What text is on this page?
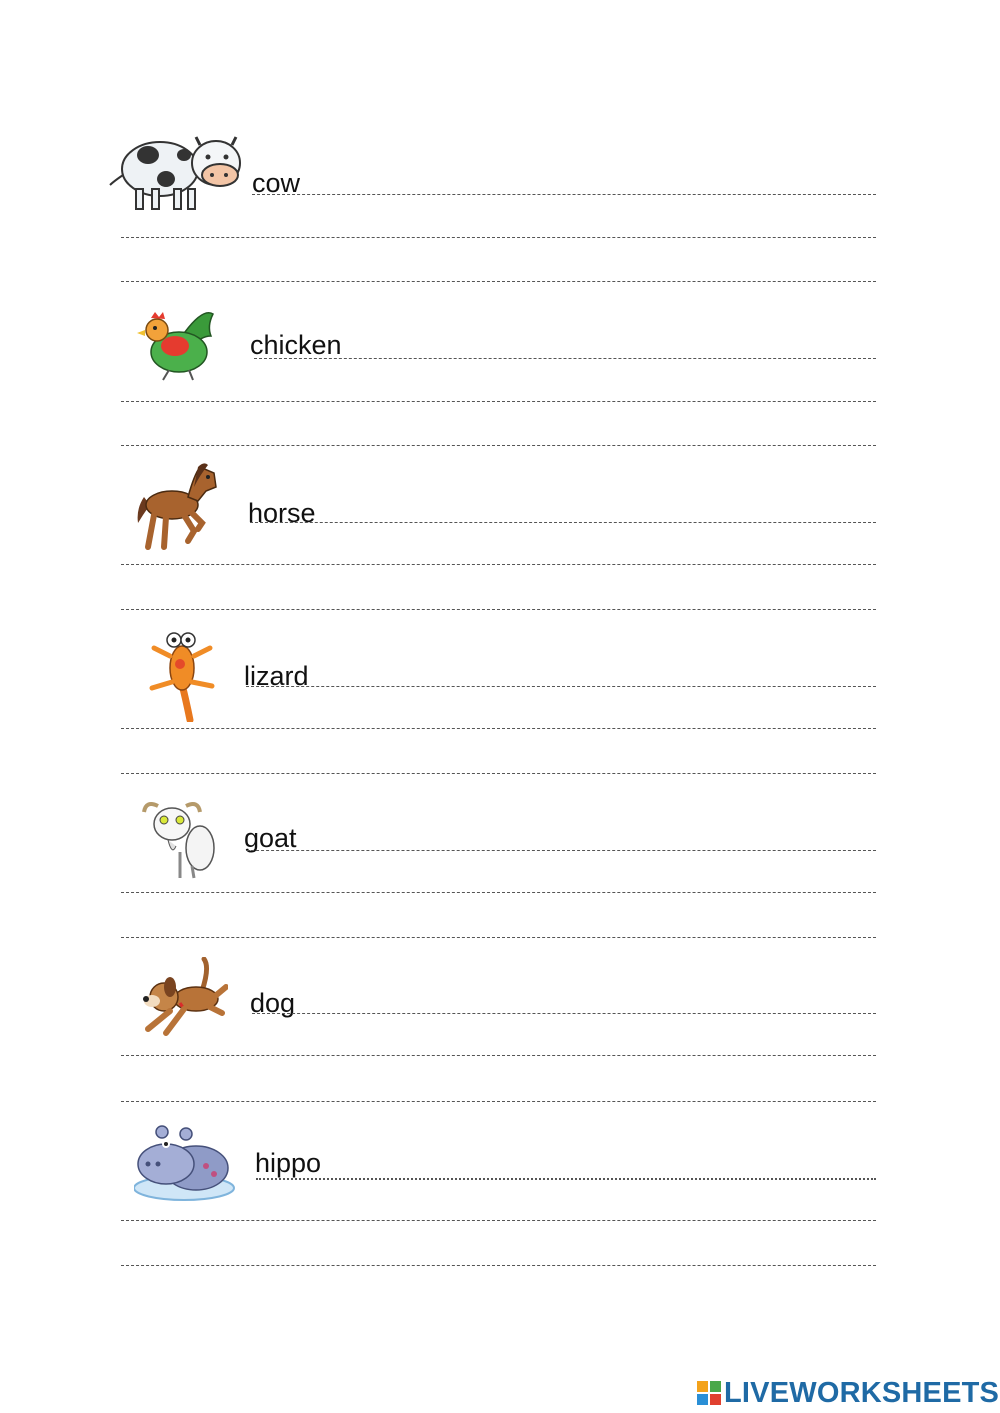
cow
chicken
horse
lizard
goat
dog
hippo
LIVEWORKSHEETS
